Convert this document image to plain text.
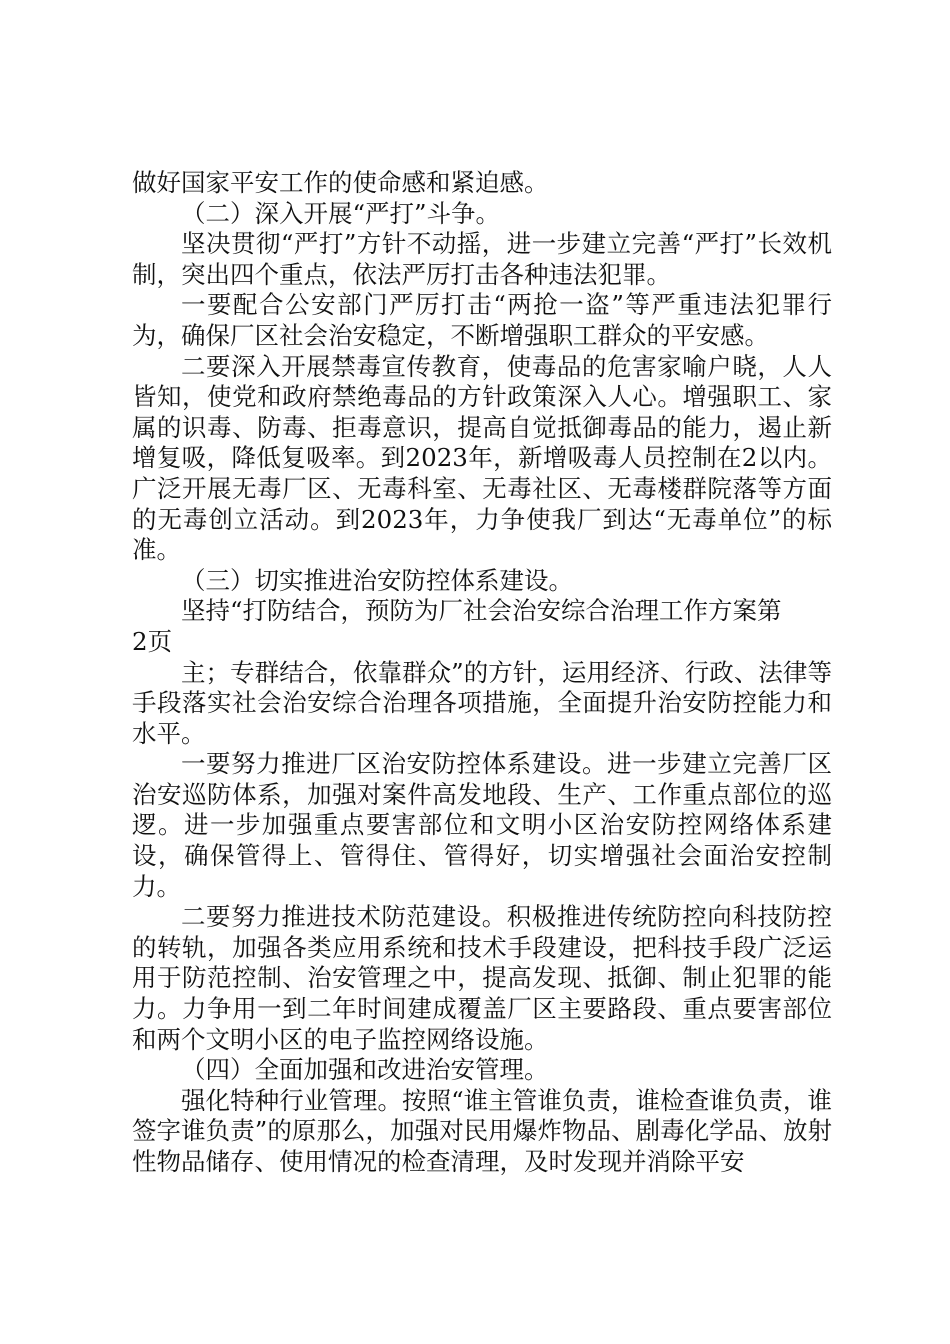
做好国家平安工作的使命感和紧迫感。

（二）深入开展“严打”斗争。

坚决贯彻“严打”方针不动摇，进一步建立完善“严打”长效机制，突出四个重点，依法严厉打击各种违法犯罪。

一要配合公安部门严厉打击“两抢一盗”等严重违法犯罪行为，确保厂区社会治安稳定，不断增强职工群众的平安感。

二要深入开展禁毒宣传教育，使毒品的危害家喻户晓，人人皆知，使党和政府禁绝毒品的方针政策深入人心。增强职工、家属的识毒、防毒、拒毒意识，提高自觉抵御毒品的能力，遏止新增复吸，降低复吸率。到2023年，新增吸毒人员控制在2以内。广泛开展无毒厂区、无毒科室、无毒社区、无毒楼群院落等方面的无毒创立活动。到2023年，力争使我厂到达“无毒单位”的标准。

（三）切实推进治安防控体系建设。

坚持“打防结合，预防为厂社会治安综合治理工作方案第

2页

主；专群结合，依靠群众”的方针，运用经济、行政、法律等手段落实社会治安综合治理各项措施，全面提升治安防控能力和水平。

一要努力推进厂区治安防控体系建设。进一步建立完善厂区治安巡防体系，加强对案件高发地段、生产、工作重点部位的巡逻。进一步加强重点要害部位和文明小区治安防控网络体系建设，确保管得上、管得住、管得好，切实增强社会面治安控制力。

二要努力推进技术防范建设。积极推进传统防控向科技防控的转轨，加强各类应用系统和技术手段建设，把科技手段广泛运用于防范控制、治安管理之中，提高发现、抵御、制止犯罪的能力。力争用一到二年时间建成覆盖厂区主要路段、重点要害部位和两个文明小区的电子监控网络设施。

（四）全面加强和改进治安管理。

强化特种行业管理。按照“谁主管谁负责，谁检查谁负责，谁签字谁负责”的原那么，加强对民用爆炸物品、剧毒化学品、放射性物品储存、使用情况的检查清理，及时发现并消除平安
